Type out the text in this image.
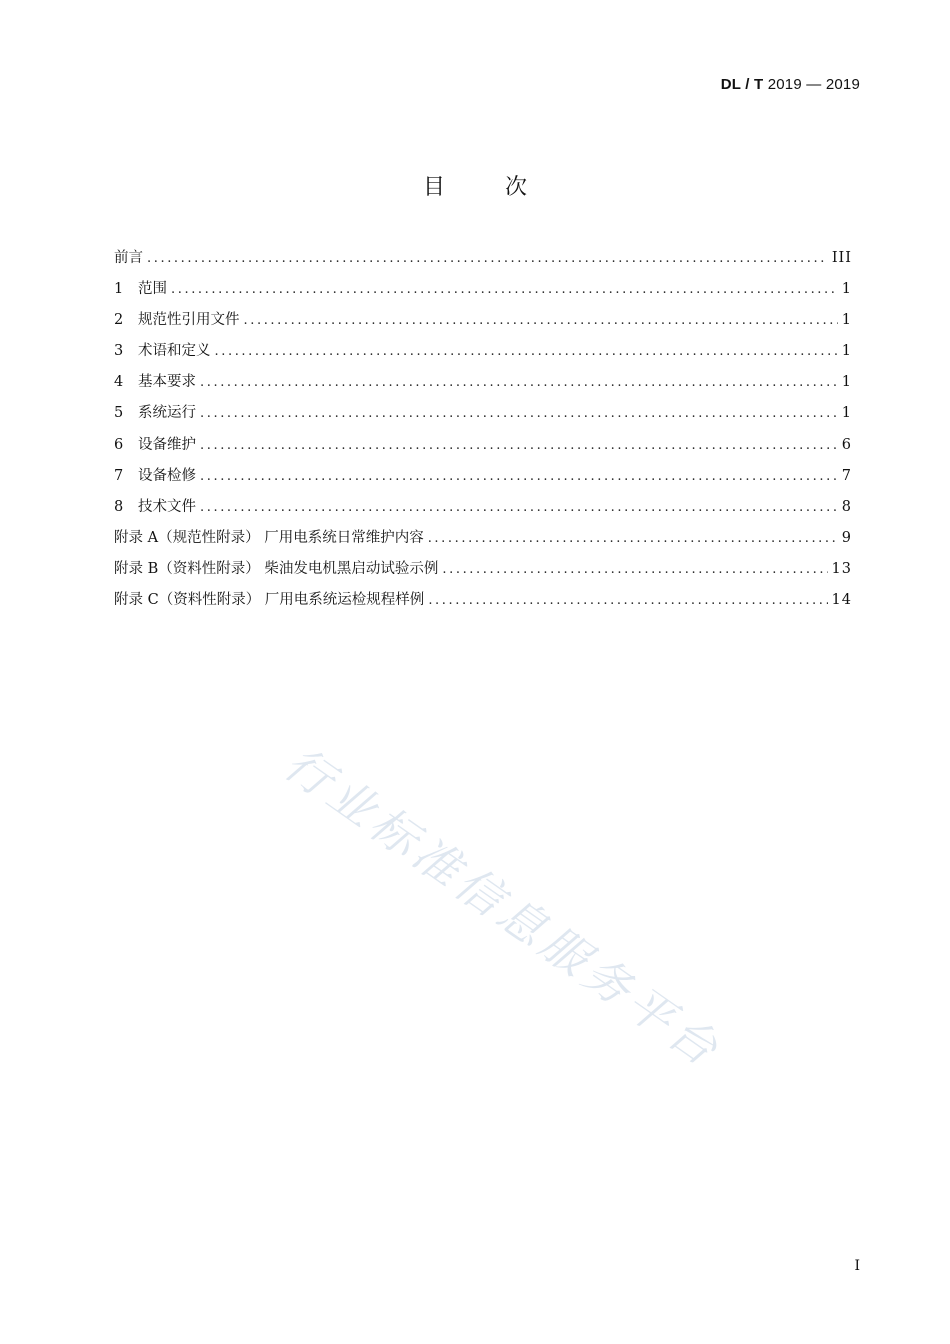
DL / T 2019 — 2019
目次
前言 .....	III
1 范围 .....	1
2 规范性引用文件 .....	1
3 术语和定义 .....	1
4 基本要求 .....	1
5 系统运行 .....	1
6 设备维护 .....	6
7 设备检修 .....	7
8 技术文件 .....	8
附录 A（规范性附录） 厂用电系统日常维护内容 .....	9
附录 B（资料性附录） 柴油发电机黑启动试验示例 .....	13
附录 C（资料性附录） 厂用电系统运检规程样例 .....	14
行业标准信息服务平台
I
